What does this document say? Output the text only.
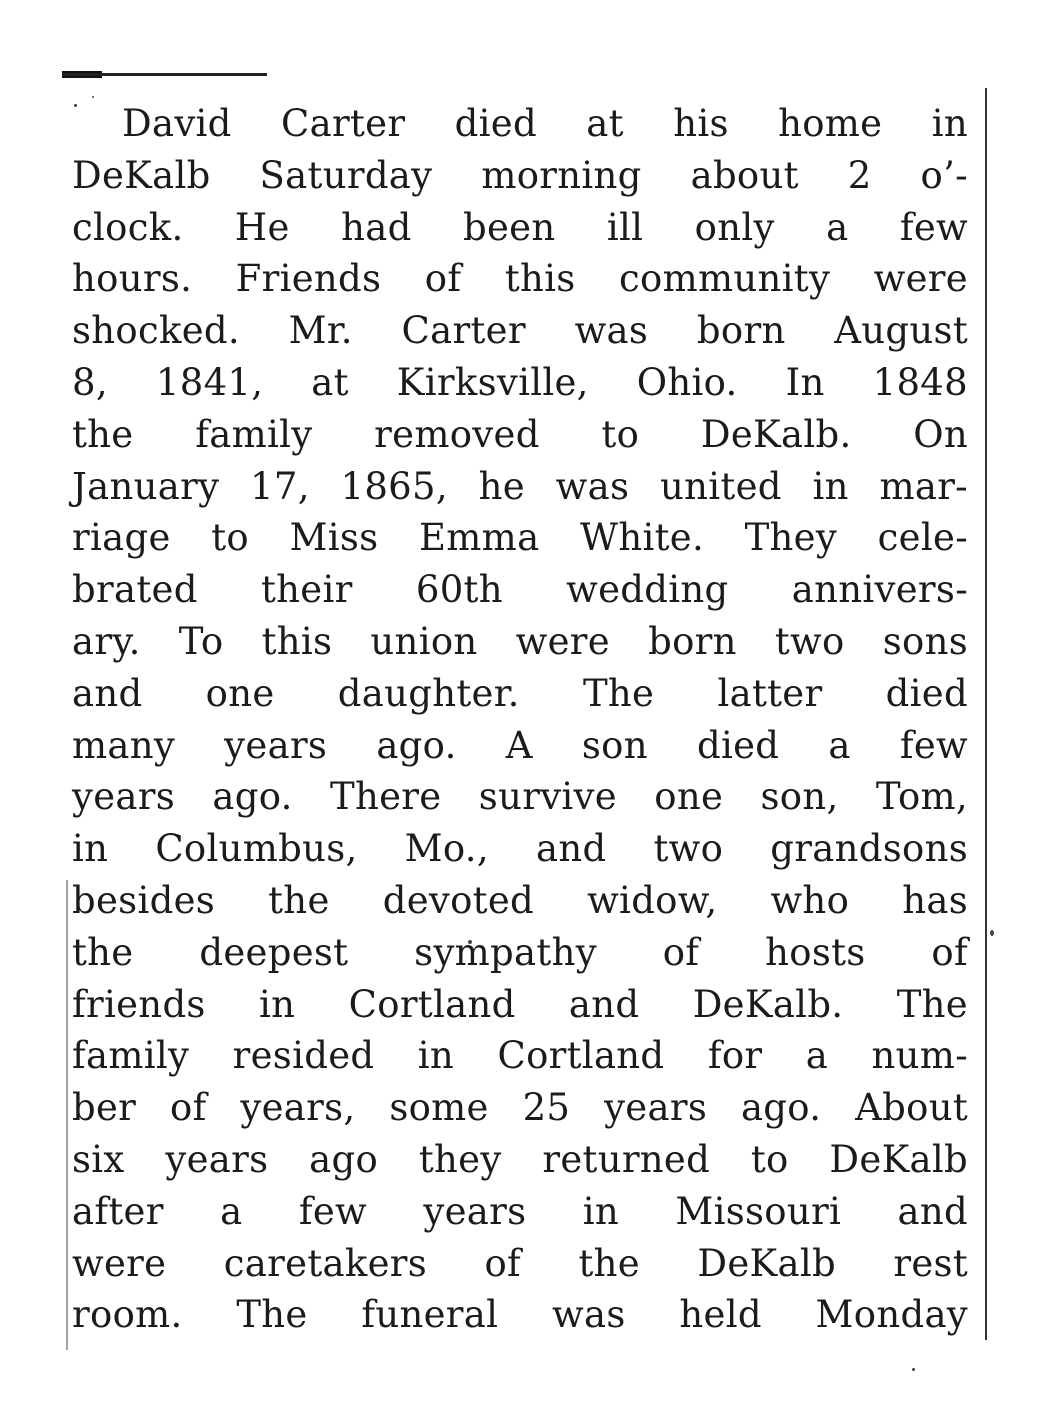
David Carter died at his home in
DeKalb Saturday morning about 2 o’-
clock. He had been ill only a few
hours. Friends of this community were
shocked. Mr. Carter was born August
8, 1841, at Kirksville, Ohio. In 1848
the family removed to DeKalb. On
January 17, 1865, he was united in mar-
riage to Miss Emma White. They cele-
brated their 60th wedding annivers-
ary. To this union were born two sons
and one daughter. The latter died
many years ago. A son died a few
years ago. There survive one son, Tom,
in Columbus, Mo., and two grandsons
besides the devoted widow, who has
the deepest sympathy of hosts of
friends in Cortland and DeKalb. The
family resided in Cortland for a num-
ber of years, some 25 years ago. About
six years ago they returned to DeKalb
after a few years in Missouri and
were caretakers of the DeKalb rest
room. The funeral was held Monday
